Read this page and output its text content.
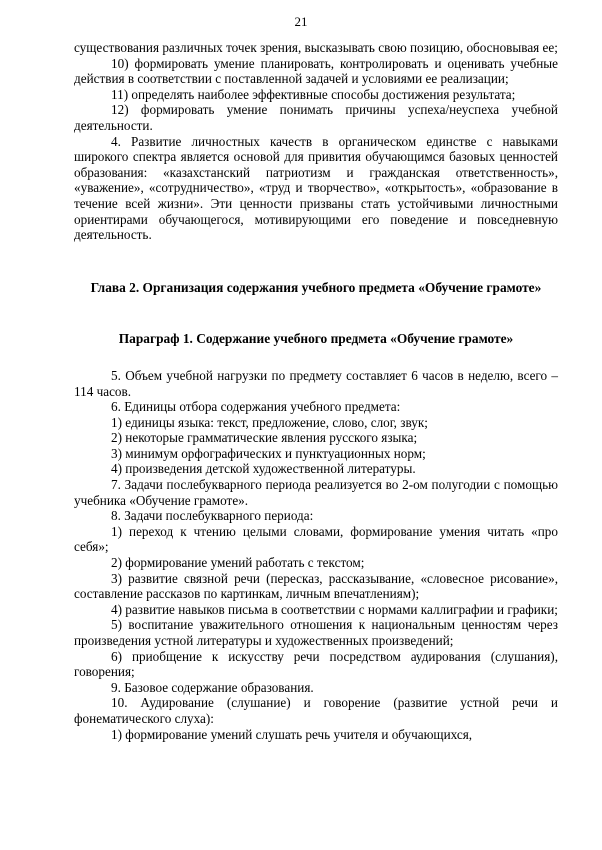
21

существования различных точек зрения, высказывать свою позицию, обосновывая ее;

10) формировать умение планировать, контролировать и оценивать учебные действия в соответствии с поставленной задачей и условиями ее реализации;

11) определять наиболее эффективные способы достижения результата;

12) формировать умение понимать причины успеха/неуспеха учебной деятельности.

4. Развитие личностных качеств в органическом единстве с навыками широкого спектра является основой для привития обучающимся базовых ценностей образования: «казахстанский патриотизм и гражданская ответственность», «уважение», «сотрудничество», «труд и творчество», «открытость», «образование в течение всей жизни». Эти ценности призваны стать устойчивыми личностными ориентирами обучающегося, мотивирующими его поведение и повседневную деятельность.

Глава 2. Организация содержания учебного предмета «Обучение грамоте»

Параграф 1. Содержание учебного предмета «Обучение грамоте»

5. Объем учебной нагрузки по предмету составляет 6 часов в неделю, всего – 114 часов.

6. Единицы отбора содержания учебного предмета:

1) единицы языка: текст, предложение, слово, слог, звук;

2) некоторые грамматические явления русского языка;

3) минимум орфографических и пунктуационных норм;

4) произведения детской художественной литературы.

7. Задачи послебукварного периода реализуется во 2-ом полугодии с помощью учебника «Обучение грамоте».

8. Задачи послебукварного периода:

1) переход к чтению целыми словами, формирование умения читать «про себя»;

2) формирование умений работать с текстом;

3) развитие связной речи (пересказ, рассказывание, «словесное рисование», составление рассказов по картинкам, личным впечатлениям);

4) развитие навыков письма в соответствии с нормами каллиграфии и графики;

5) воспитание уважительного отношения к национальным ценностям через произведения устной литературы и художественных произведений;

6) приобщение к искусству речи посредством аудирования (слушания), говорения;

9. Базовое содержание образования.

10. Аудирование (слушание) и говорение (развитие устной речи и фонематического слуха):

1) формирование умений слушать речь учителя и обучающихся,
